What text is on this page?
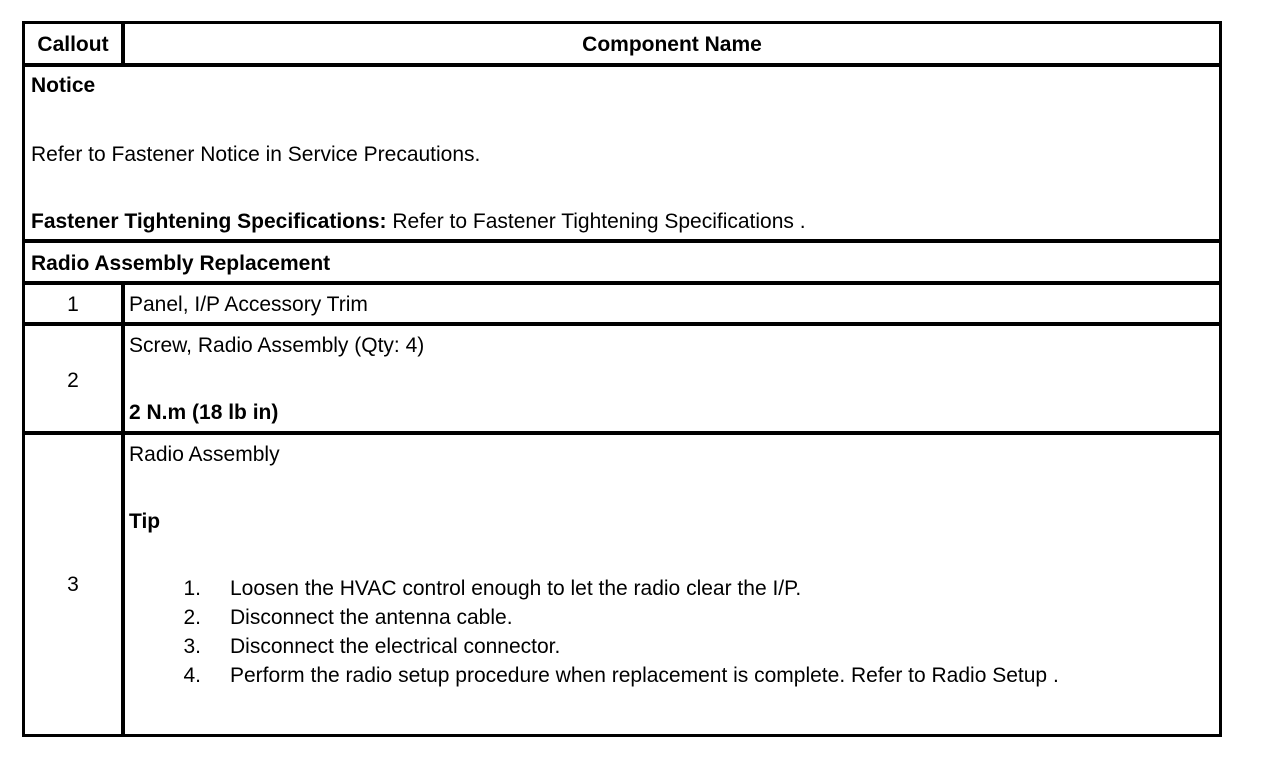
Callout	Component Name
Notice
Refer to Fastener Notice in Service Precautions.
Fastener Tightening Specifications: Refer to Fastener Tightening Specifications .
Radio Assembly Replacement
1	Panel, I/P Accessory Trim
2
Screw, Radio Assembly (Qty: 4)
2 N.m (18 lb in)
3
Radio Assembly
Tip
1. Loosen the HVAC control enough to let the radio clear the I/P.
2. Disconnect the antenna cable.
3. Disconnect the electrical connector.
4. Perform the radio setup procedure when replacement is complete. Refer to Radio Setup .
